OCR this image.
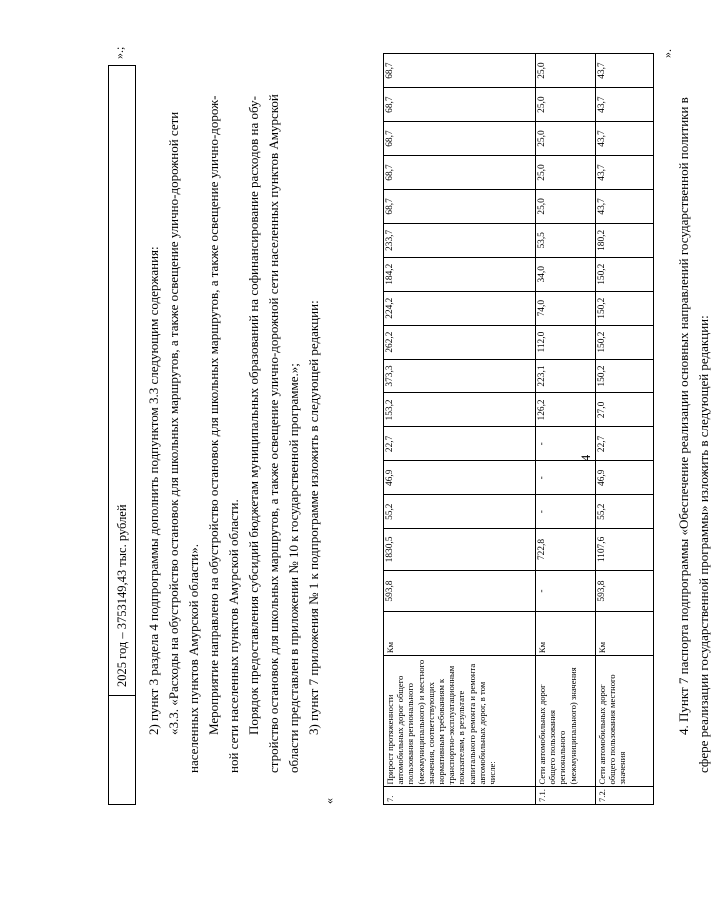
4
2025 год – 3753149,43 тыс. рублей
».;

2) пункт 3 раздела 4 подпрограммы дополнить подпунктом 3.3 следующим содержания: «3.3. «Расходы на обустройство остановок для школьных маршрутов, а также освещение улично-дорожной сети населенных пунктов Амурской области». Мероприятие направлено на обустройство остановок для школьных маршрутов, а также освещение улично-дорож- ной сети населенных пунктов Амурской области. Порядок предоставления субсидий бюджетам муниципальных образований на софинансирование расходов на обу- стройство остановок для школьных маршрутов, а также освещение улично-дорожной сети населенных пунктов Амурской области представлен в приложении № 10 к государственной программе.»; 3) пункт 7 приложения № 1 к подпрограмме изложить в следующей редакции:

«	7.	Прирост протяженности автомобильных дорог общего пользования регионального (межмуниципального) и местного значения, соответствующих нормативным требованиям к транспортно-эксплуатационным показателям, в результате капитального ремонта и ремонта автомобильных дорог, в том числе:	Км	593,8	1830,5	55,2	46,9	22,7	153,2	373,3	262,2	224,2	184,2	233,7	68,7	68,7	68,7	68,7	68,7
7.1.	Сети автомобильных дорог общего пользования регионального (межмуниципального) значения	Км	-	722,8	-	-	-	126,2	223,1	112,0	74,0	34,0	53,5	25,0	25,0	25,0	25,0	25,0
7.2.	Сети автомобильных дорог общего пользования местного значения	Км	593,8	1107,6	55,2	46,9	22,7	27,0	150,2	150,2	150,2	150,2	180,2	43,7	43,7	43,7	43,7	43,7
».

4. Пункт 7 паспорта подпрограммы «Обеспечение реализации основных направлений государственной политики в сфере реализации государственной программы» изложить в следующей редакции:
